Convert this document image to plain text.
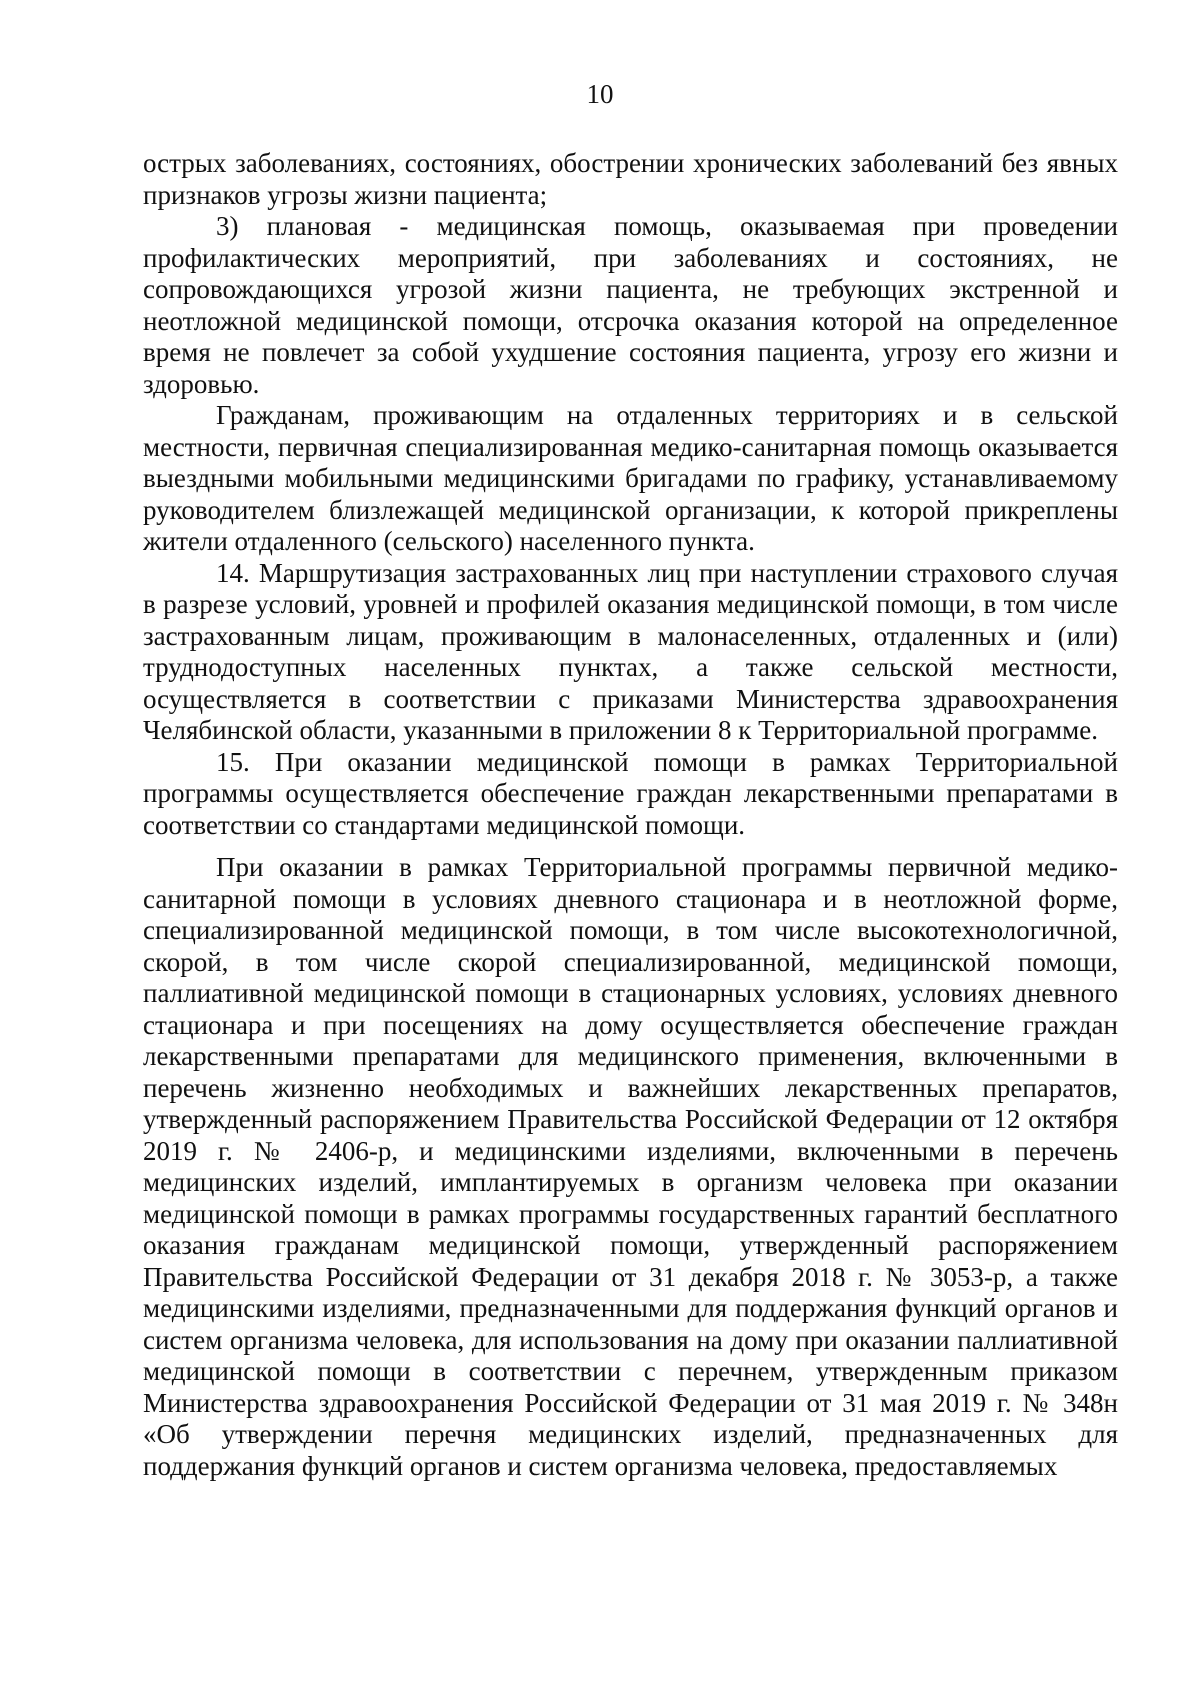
10

острых заболеваниях, состояниях, обострении хронических заболеваний без явных признаков угрозы жизни пациента;

3) плановая - медицинская помощь, оказываемая при проведении профилактических мероприятий, при заболеваниях и состояниях, не сопровождающихся угрозой жизни пациента, не требующих экстренной и неотложной медицинской помощи, отсрочка оказания которой на определенное время не повлечет за собой ухудшение состояния пациента, угрозу его жизни и здоровью.

Гражданам, проживающим на отдаленных территориях и в сельской местности, первичная специализированная медико-санитарная помощь оказывается выездными мобильными медицинскими бригадами по графику, устанавливаемому руководителем близлежащей медицинской организации, к которой прикреплены жители отдаленного (сельского) населенного пункта.

14. Маршрутизация застрахованных лиц при наступлении страхового случая в разрезе условий, уровней и профилей оказания медицинской помощи, в том числе застрахованным лицам, проживающим в малонаселенных, отдаленных и (или) труднодоступных населенных пунктах, а также сельской местности, осуществляется в соответствии с приказами Министерства здравоохранения Челябинской области, указанными в приложении 8 к Территориальной программе.

15. При оказании медицинской помощи в рамках Территориальной программы осуществляется обеспечение граждан лекарственными препаратами в соответствии со стандартами медицинской помощи.

При оказании в рамках Территориальной программы первичной медико-санитарной помощи в условиях дневного стационара и в неотложной форме, специализированной медицинской помощи, в том числе высокотехнологичной, скорой, в том числе скорой специализированной, медицинской помощи, паллиативной медицинской помощи в стационарных условиях, условиях дневного стационара и при посещениях на дому осуществляется обеспечение граждан лекарственными препаратами для медицинского применения, включенными в перечень жизненно необходимых и важнейших лекарственных препаратов, утвержденный распоряжением Правительства Российской Федерации от 12 октября 2019 г. № 2406-р, и медицинскими изделиями, включенными в перечень медицинских изделий, имплантируемых в организм человека при оказании медицинской помощи в рамках программы государственных гарантий бесплатного оказания гражданам медицинской помощи, утвержденный распоряжением Правительства Российской Федерации от 31 декабря 2018 г. № 3053-р, а также медицинскими изделиями, предназначенными для поддержания функций органов и систем организма человека, для использования на дому при оказании паллиативной медицинской помощи в соответствии с перечнем, утвержденным приказом Министерства здравоохранения Российской Федерации от 31 мая 2019 г. № 348н «Об утверждении перечня медицинских изделий, предназначенных для поддержания функций органов и систем организма человека, предоставляемых
